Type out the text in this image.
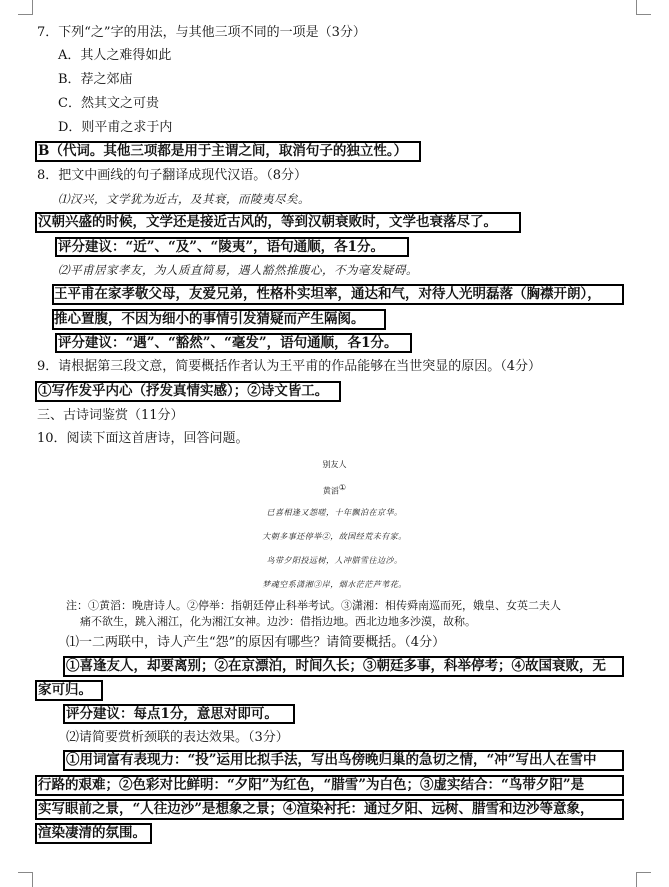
7．下列“之”字的用法，与其他三项不同的一项是（3分）
A．其人之难得如此
B．荐之郊庙
C．然其文之可贵
D．则平甫之求于内
B（代词。其他三项都是用于主谓之间，取消句子的独立性。）
8．把文中画线的句子翻译成现代汉语。（8分）
⑴汉兴，文学犹为近古，及其衰，而陵夷尽矣。
汉朝兴盛的时候，文学还是接近古风的，等到汉朝衰败时，文学也衰落尽了。
评分建议：“近”、“及”、“陵夷”，语句通顺，各1分。
⑵平甫居家孝友，为人质直简易，遇人豁然推腹心，不为毫发疑碍。
王平甫在家孝敬父母，友爱兄弟，性格朴实坦率，通达和气，对待人光明磊落（胸襟开朗），
推心置腹，不因为细小的事情引发猜疑而产生隔阂。
评分建议：“遇”、“豁然”、“毫发”，语句通顺，各1分。
9．请根据第三段文意，简要概括作者认为王平甫的作品能够在当世突显的原因。（4分）
①写作发乎内心（抒发真情实感）；②诗文皆工。
三、古诗词鉴赏（11分）
10．阅读下面这首唐诗，回答问题。
别友人
黄滔①
已喜相逢又怨嗟，十年飘泊在京华。
大朝多事还停举②，故国经荒未有家。
鸟带夕阳投远树，人冲腊雪往边沙。
梦魂空系潇湘③岸，烟水茫茫芦苇花。
注：①黄滔：晚唐诗人。②停举：指朝廷停止科举考试。③潇湘：相传舜南巡而死，娥皇、女英二夫人
痛不欲生，跳入湘江，化为湘江女神。边沙：借指边地。西北边地多沙漠，故称。
⑴一二两联中，诗人产生“怨”的原因有哪些？请简要概括。（4分）
①喜逢友人，却要离别；②在京漂泊，时间久长；③朝廷多事，科举停考；④故国衰败，无
家可归。
评分建议：每点1分，意思对即可。
⑵请简要赏析颈联的表达效果。（3分）
①用词富有表现力：“投”运用比拟手法，写出鸟傍晚归巢的急切之情，“冲”写出人在雪中
行路的艰难；②色彩对比鲜明：“夕阳”为红色，“腊雪”为白色；③虚实结合：“鸟带夕阳”是
实写眼前之景，“人往边沙”是想象之景；④渲染衬托：通过夕阳、远树、腊雪和边沙等意象，
渲染凄清的氛围。
